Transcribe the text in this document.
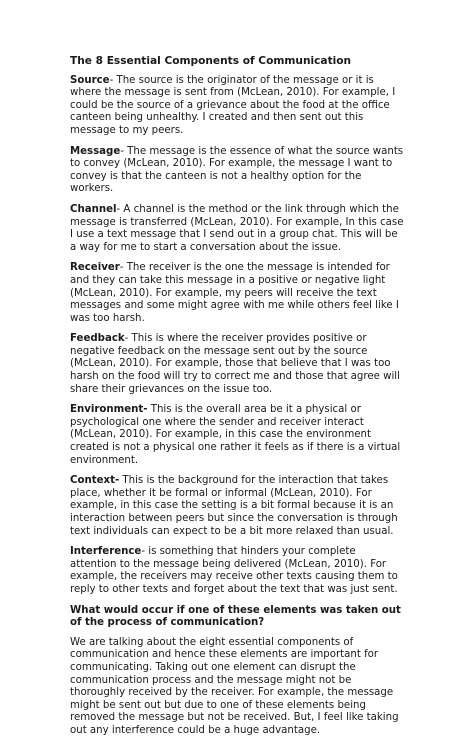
The 8 Essential Components of Communication
Source- The source is the originator of the message or it is where the message is sent from (McLean, 2010). For example, I could be the source of a grievance about the food at the office canteen being unhealthy. I created and then sent out this message to my peers.
Message- The message is the essence of what the source wants to convey (McLean, 2010). For example, the message I want to convey is that the canteen is not a healthy option for the workers.
Channel- A channel is the method or the link through which the message is transferred (McLean, 2010). For example, In this case I use a text message that I send out in a group chat. This will be a way for me to start a conversation about the issue.
Receiver- The receiver is the one the message is intended for and they can take this message in a positive or negative light (McLean, 2010). For example, my peers will receive the text messages and some might agree with me while others feel like I was too harsh.
Feedback- This is where the receiver provides positive or negative feedback on the message sent out by the source (McLean, 2010). For example, those that believe that I was too harsh on the food will try to correct me and those that agree will share their grievances on the issue too.
Environment- This is the overall area be it a physical or psychological one where the sender and receiver interact (McLean, 2010). For example, in this case the environment created is not a physical one rather it feels as if there is a virtual environment.
Context- This is the background for the interaction that takes place, whether it be formal or informal (McLean, 2010). For example, in this case the setting is a bit formal because it is an interaction between peers but since the conversation is through text individuals can expect to be a bit more relaxed than usual.
Interference- is something that hinders your complete attention to the message being delivered (McLean, 2010). For example, the receivers may receive other texts causing them to reply to other texts and forget about the text that was just sent.
What would occur if one of these elements was taken out of the process of communication?
We are talking about the eight essential components of communication and hence these elements are important for communicating. Taking out one element can disrupt the communication process and the message might not be thoroughly received by the receiver. For example, the message might be sent out but due to one of these elements being removed the message but not be received. But, I feel like taking out any interference could be a huge advantage.
